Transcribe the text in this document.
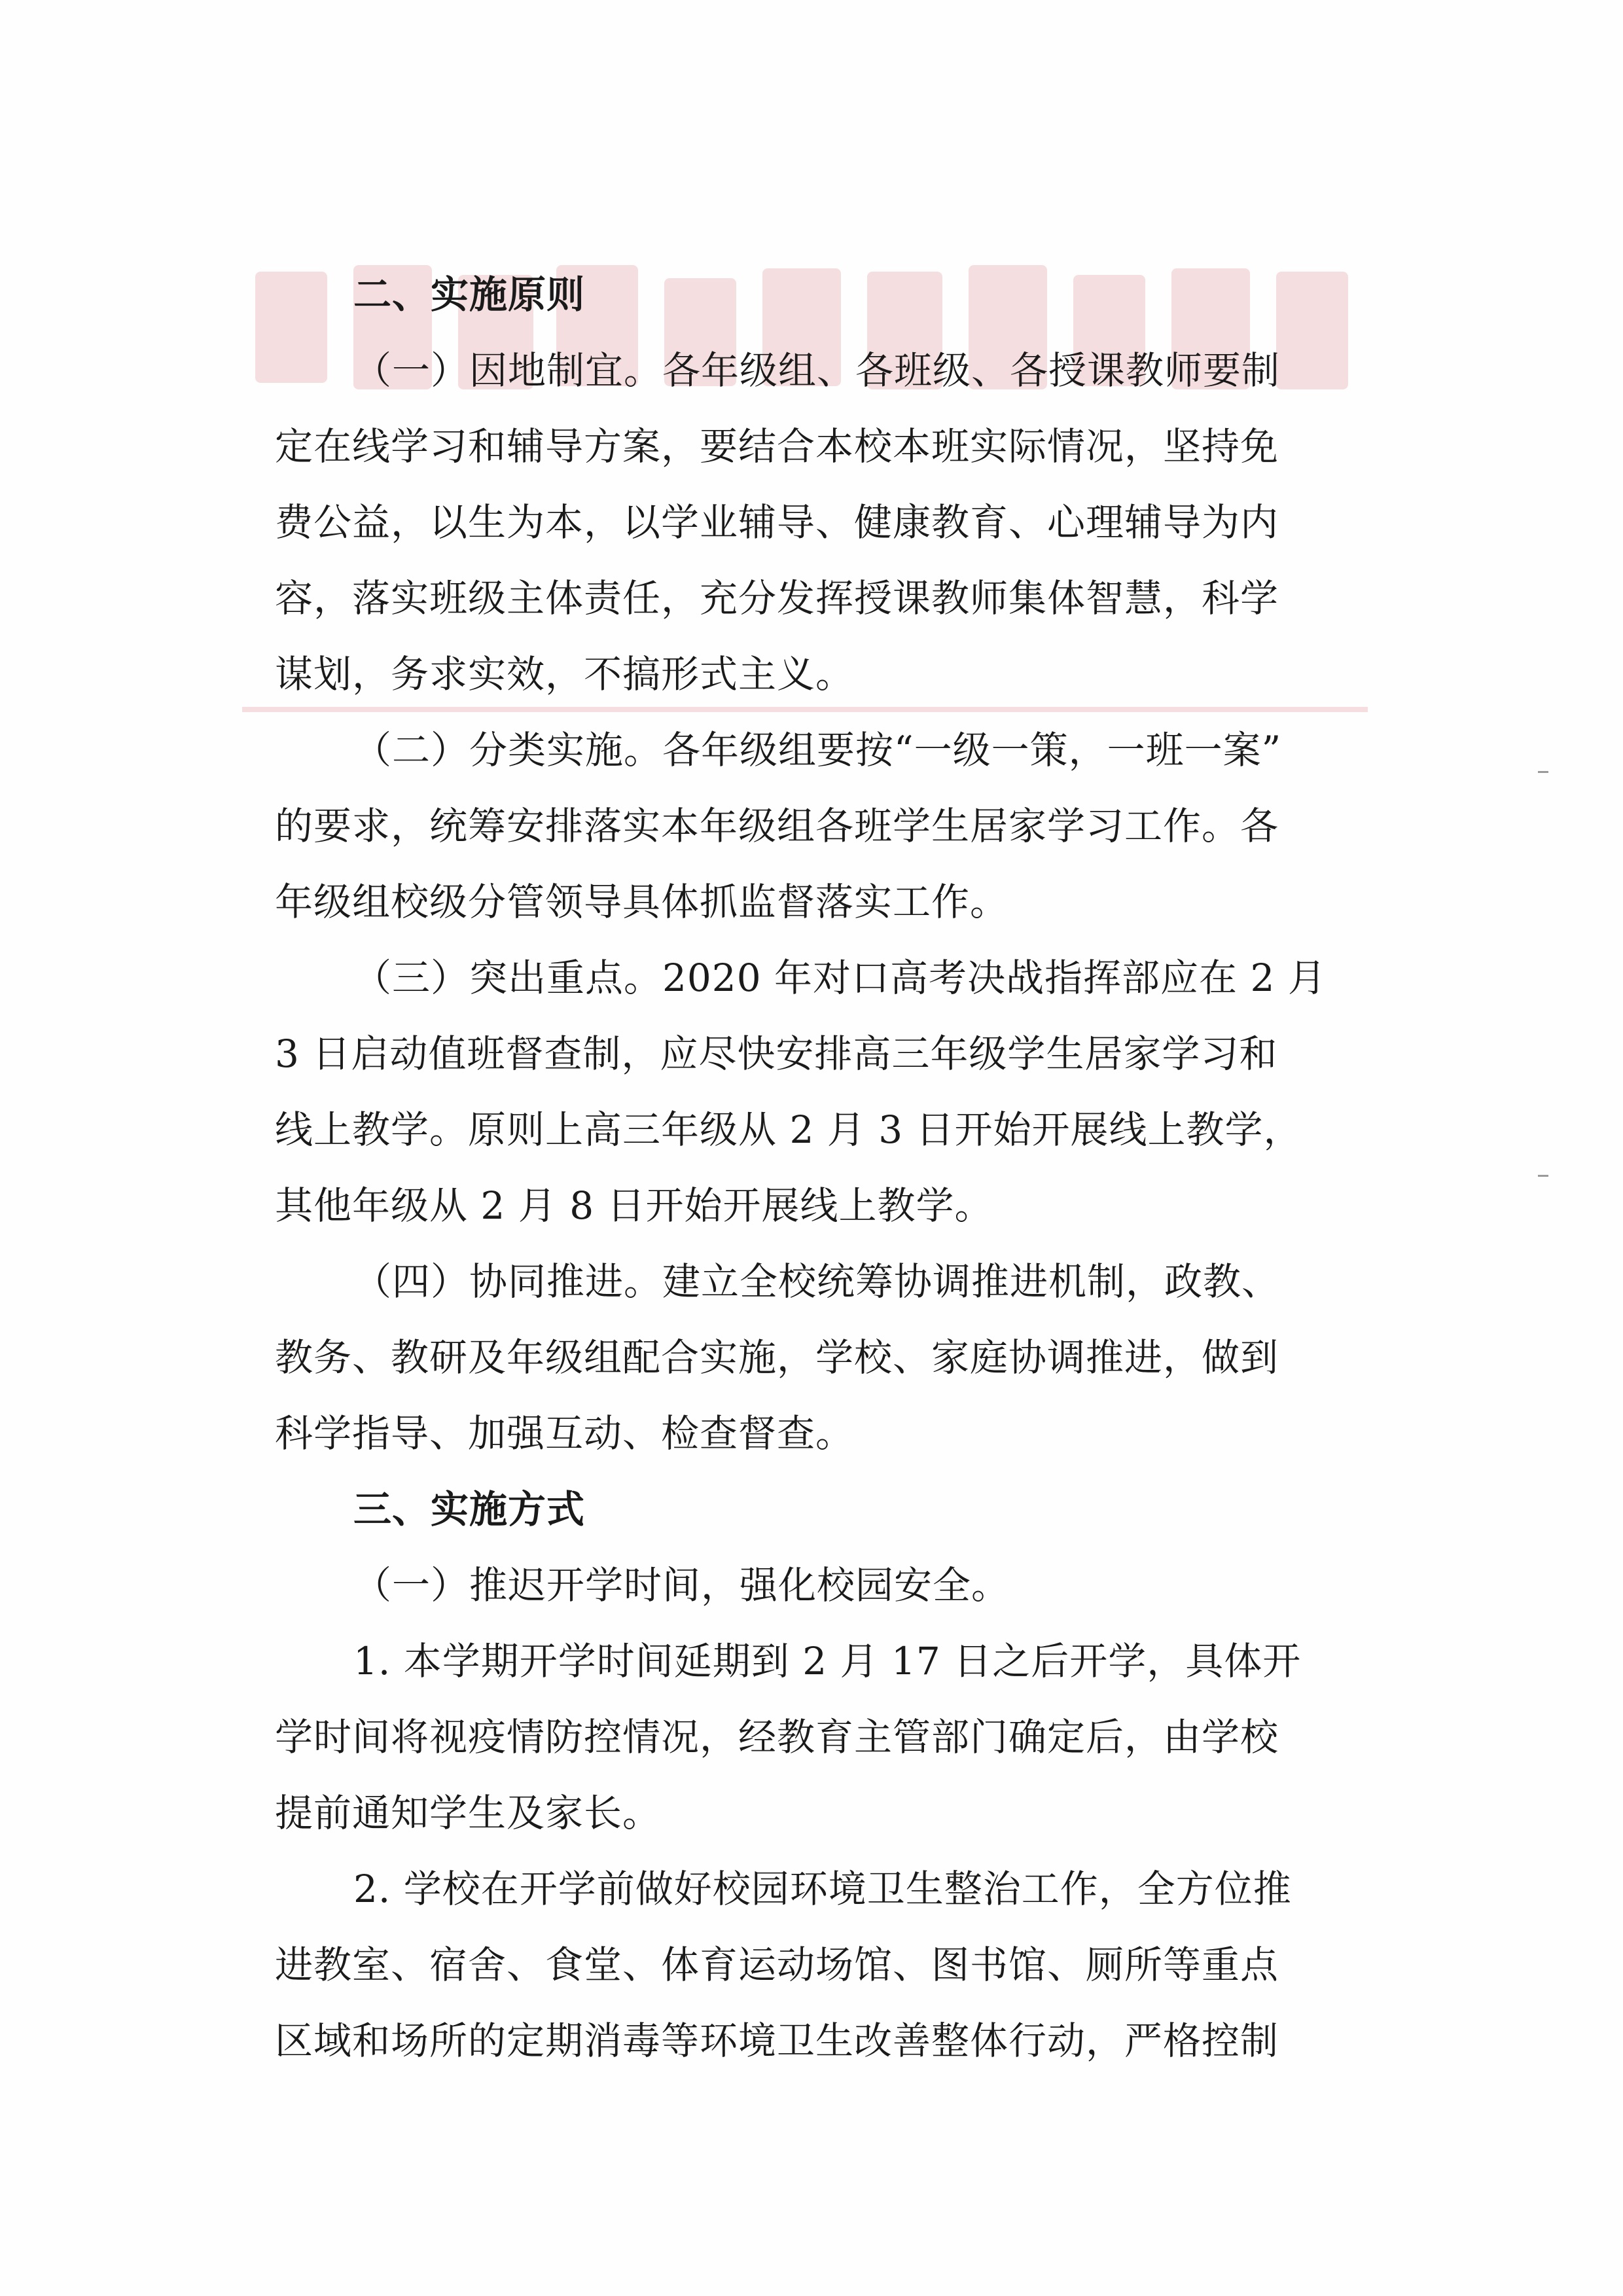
二、实施原则
（一）因地制宜。各年级组、各班级、各授课教师要制
定在线学习和辅导方案，要结合本校本班实际情况，坚持免
费公益，以生为本，以学业辅导、健康教育、心理辅导为内
容，落实班级主体责任，充分发挥授课教师集体智慧，科学
谋划，务求实效，不搞形式主义。
（二）分类实施。各年级组要按“一级一策，一班一案”
的要求，统筹安排落实本年级组各班学生居家学习工作。各
年级组校级分管领导具体抓监督落实工作。
（三）突出重点。2020 年对口高考决战指挥部应在 2 月
3 日启动值班督查制，应尽快安排高三年级学生居家学习和
线上教学。原则上高三年级从 2 月 3 日开始开展线上教学，
其他年级从 2 月 8 日开始开展线上教学。
（四）协同推进。建立全校统筹协调推进机制，政教、
教务、教研及年级组配合实施，学校、家庭协调推进，做到
科学指导、加强互动、检查督查。
三、实施方式
（一）推迟开学时间，强化校园安全。
1. 本学期开学时间延期到 2 月 17 日之后开学，具体开
学时间将视疫情防控情况，经教育主管部门确定后，由学校
提前通知学生及家长。
2. 学校在开学前做好校园环境卫生整治工作，全方位推
进教室、宿舍、食堂、体育运动场馆、图书馆、厕所等重点
区域和场所的定期消毒等环境卫生改善整体行动，严格控制
